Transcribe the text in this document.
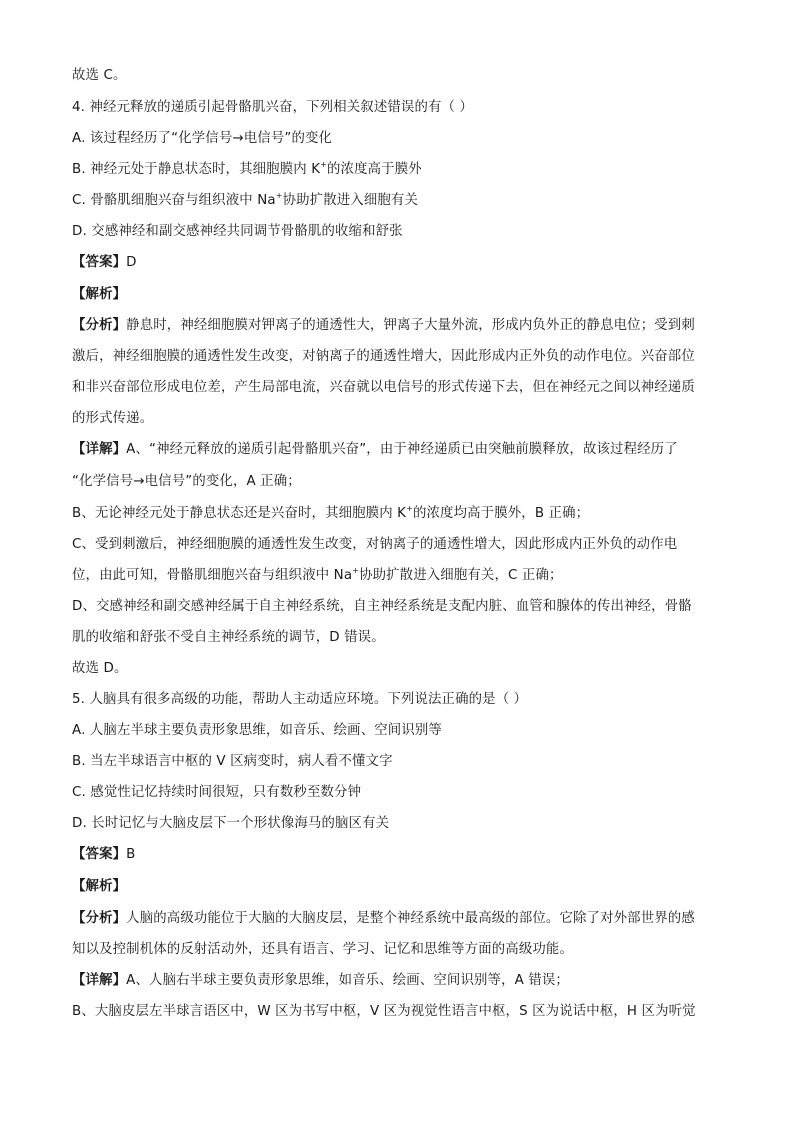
故选 C。
4. 神经元释放的递质引起骨骼肌兴奋，下列相关叙述错误的有（ ）
A. 该过程经历了“化学信号→电信号”的变化
B. 神经元处于静息状态时，其细胞膜内 K+的浓度高于膜外
C. 骨骼肌细胞兴奋与组织液中 Na+协助扩散进入细胞有关
D. 交感神经和副交感神经共同调节骨骼肌的收缩和舒张
【答案】D
【解析】
【分析】静息时，神经细胞膜对钾离子的通透性大，钾离子大量外流，形成内负外正的静息电位；受到刺
激后，神经细胞膜的通透性发生改变，对钠离子的通透性增大，因此形成内正外负的动作电位。兴奋部位
和非兴奋部位形成电位差，产生局部电流，兴奋就以电信号的形式传递下去，但在神经元之间以神经递质
的形式传递。
【详解】A、“神经元释放的递质引起骨骼肌兴奋”，由于神经递质已由突触前膜释放，故该过程经历了
“化学信号→电信号”的变化，A 正确；
B、无论神经元处于静息状态还是兴奋时，其细胞膜内 K+的浓度均高于膜外，B 正确；
C、受到刺激后，神经细胞膜的通透性发生改变，对钠离子的通透性增大，因此形成内正外负的动作电
位，由此可知，骨骼肌细胞兴奋与组织液中 Na+协助扩散进入细胞有关，C 正确；
D、交感神经和副交感神经属于自主神经系统，自主神经系统是支配内脏、血管和腺体的传出神经，骨骼
肌的收缩和舒张不受自主神经系统的调节，D 错误。
故选 D。
5. 人脑具有很多高级的功能，帮助人主动适应环境。下列说法正确的是（ ）
A. 人脑左半球主要负责形象思维，如音乐、绘画、空间识别等
B. 当左半球语言中枢的 V 区病变时，病人看不懂文字
C. 感觉性记忆持续时间很短，只有数秒至数分钟
D. 长时记忆与大脑皮层下一个形状像海马的脑区有关
【答案】B
【解析】
【分析】人脑的高级功能位于大脑的大脑皮层，是整个神经系统中最高级的部位。它除了对外部世界的感
知以及控制机体的反射活动外，还具有语言、学习、记忆和思维等方面的高级功能。
【详解】A、人脑右半球主要负责形象思维，如音乐、绘画、空间识别等，A 错误；
B、大脑皮层左半球言语区中，W 区为书写中枢，V 区为视觉性语言中枢，S 区为说话中枢，H 区为听觉
